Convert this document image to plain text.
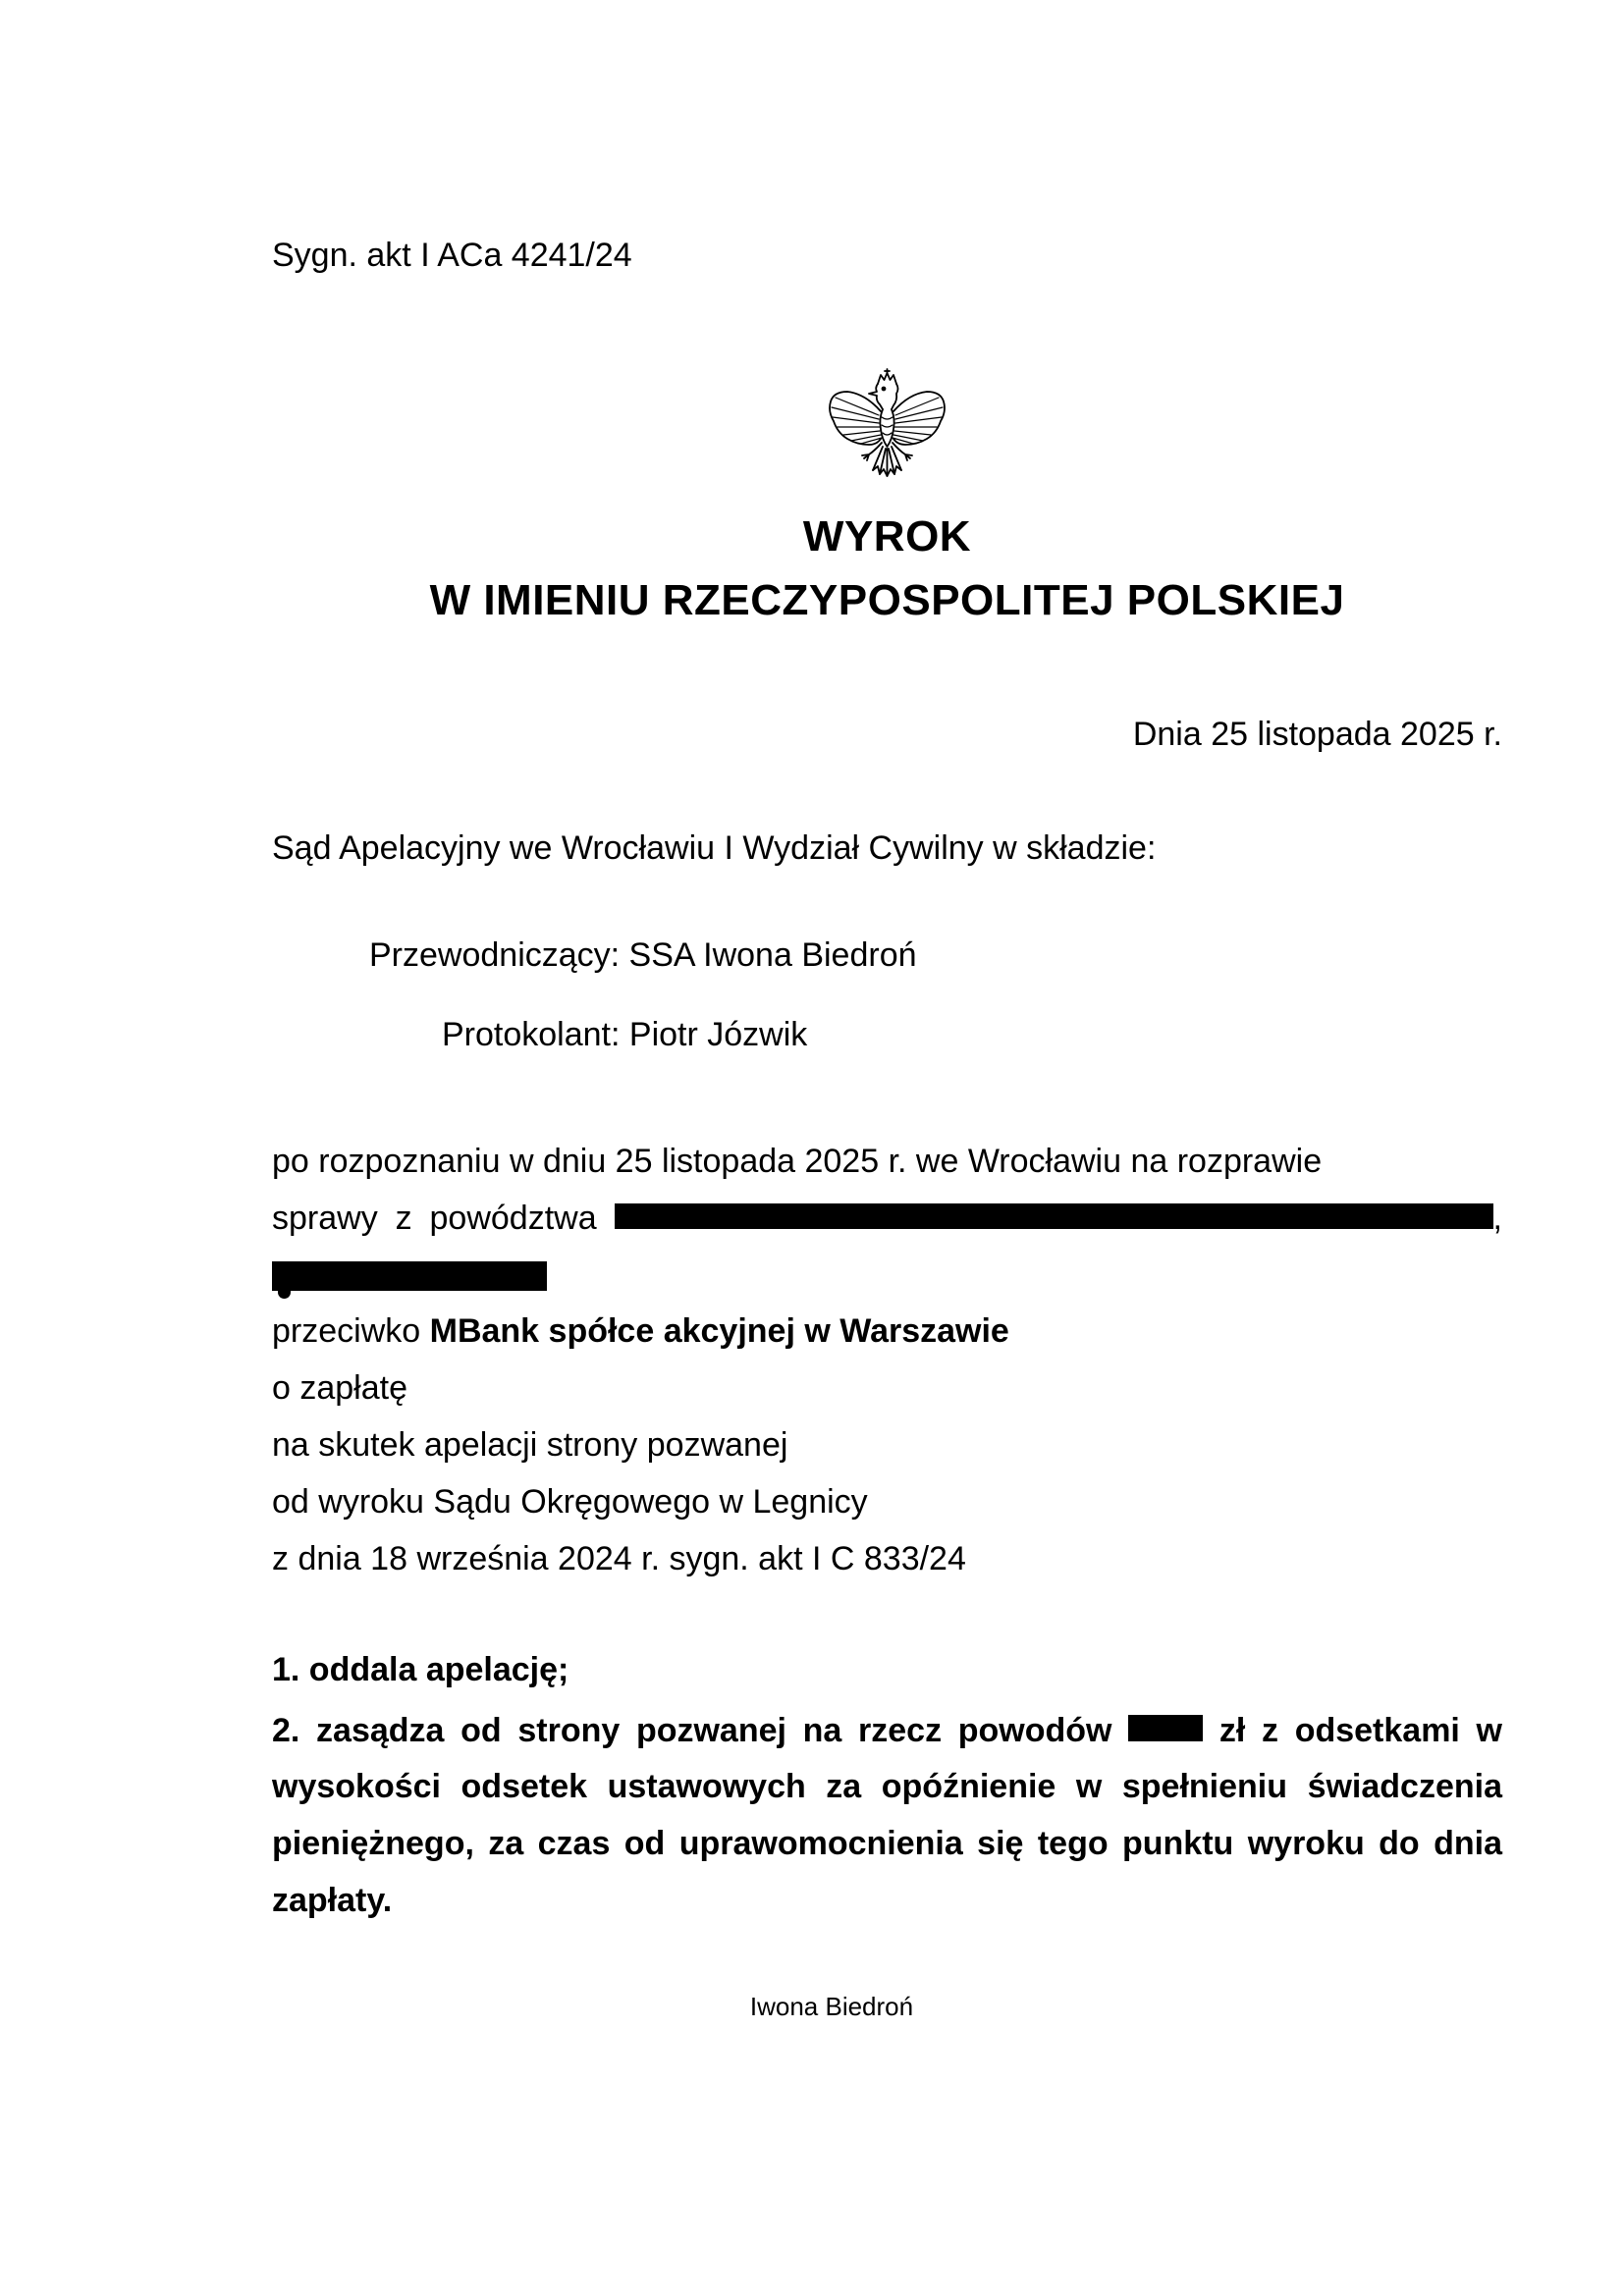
Sygn. akt I ACa 4241/24
WYROK
W IMIENIU RZECZYPOSPOLITEJ POLSKIEJ
Dnia 25 listopada 2025 r.
Sąd Apelacyjny we Wrocławiu I Wydział Cywilny w składzie:
Przewodniczący: SSA Iwona Biedroń
Protokolant: Piotr Józwik
po rozpoznaniu w dniu 25 listopada 2025 r. we Wrocławiu na rozprawie
sprawy z powództwa	,
przeciwko MBank spółce akcyjnej w Warszawie
o zapłatę
na skutek apelacji strony pozwanej
od wyroku Sądu Okręgowego w Legnicy
z dnia 18 września 2024 r. sygn. akt I C 833/24
1. oddala apelację;
2. zasądza od strony pozwanej na rzecz powodów	zł z odsetkami w
wysokości odsetek ustawowych za opóźnienie w spełnieniu świadczenia
pieniężnego, za czas od uprawomocnienia się tego punktu wyroku do dnia
zapłaty.
Iwona Biedroń
